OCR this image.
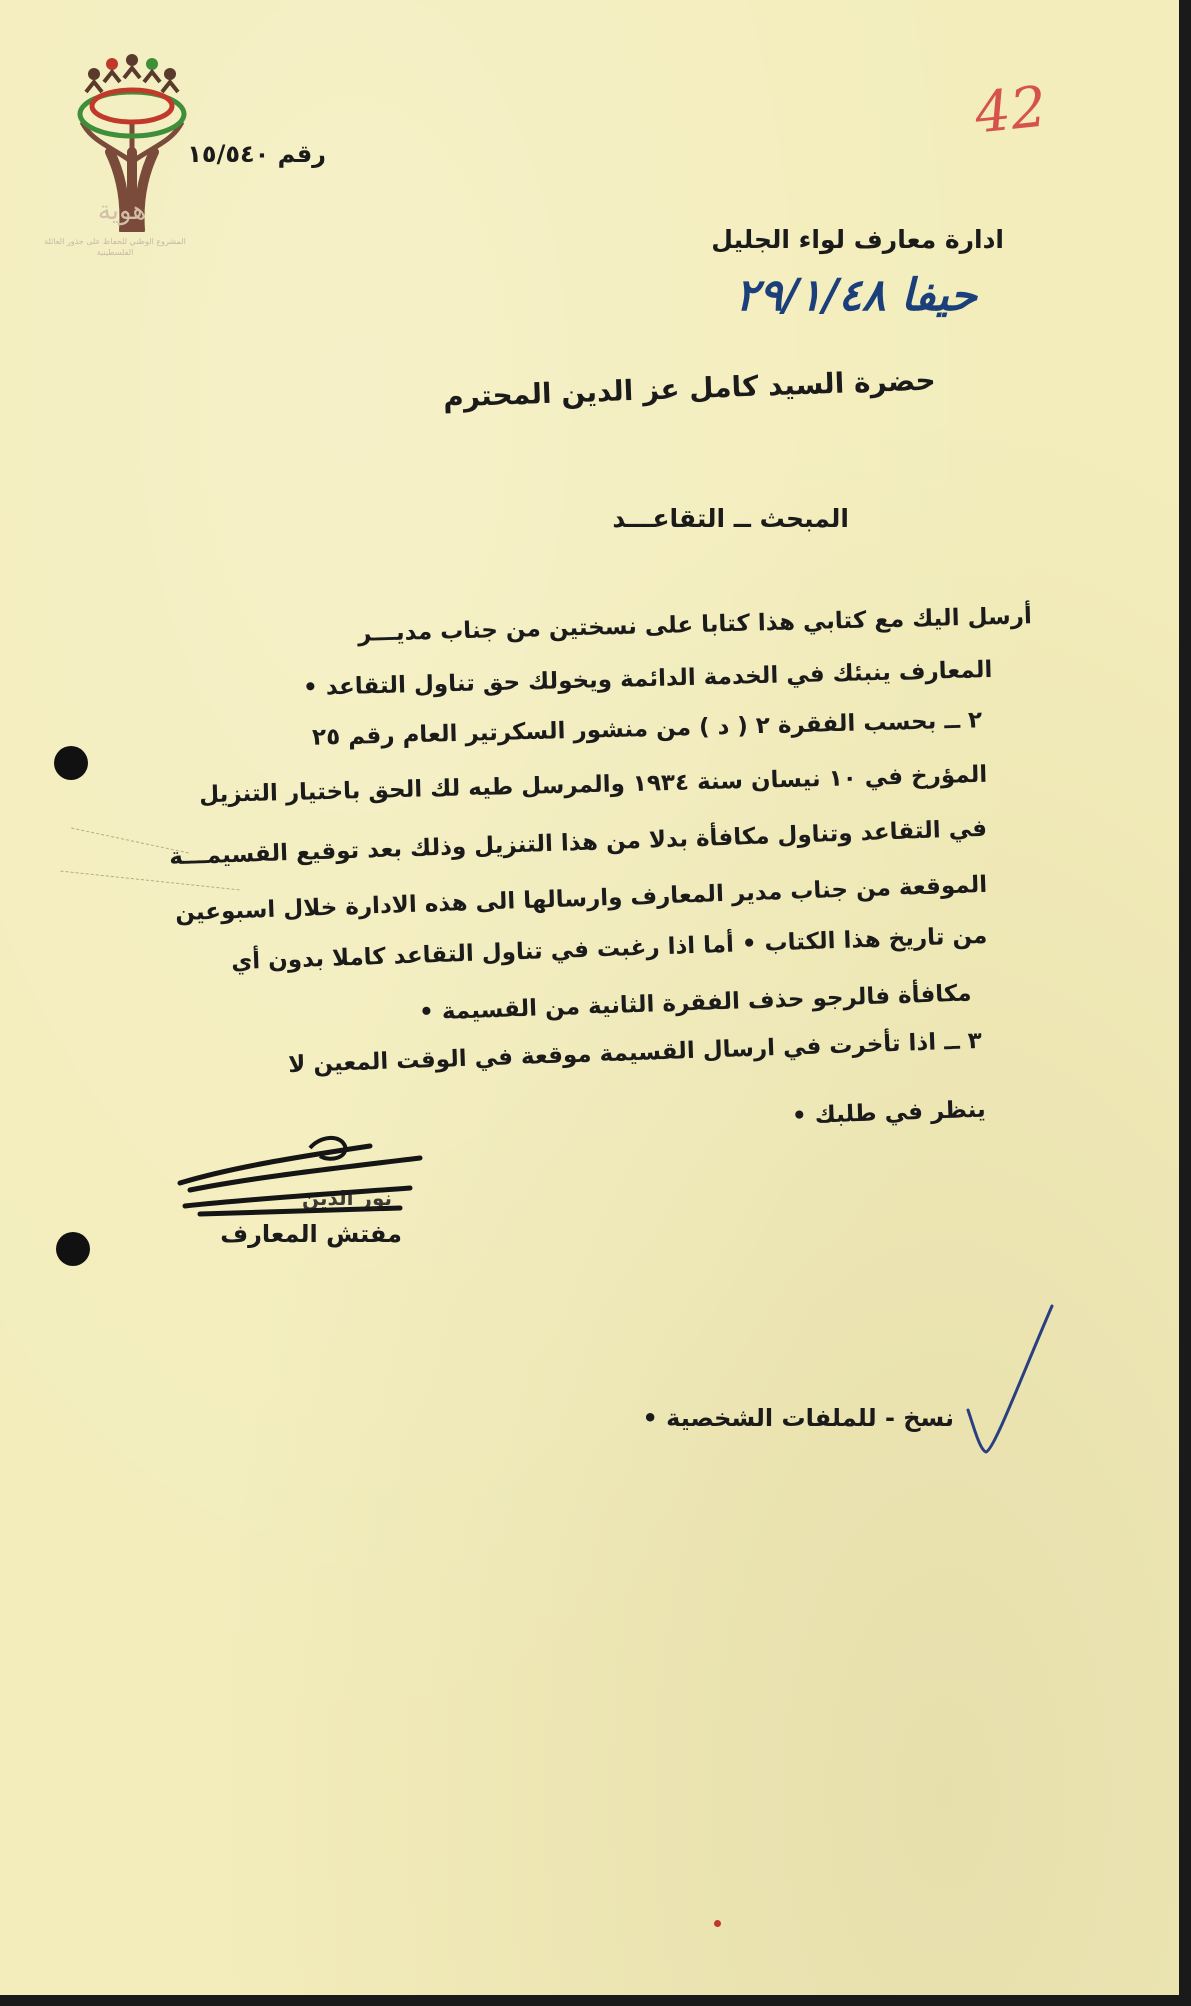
هوية
المشروع الوطني للحفاظ على جذور العائلة الفلسطينية
42
رقم ١٥/٥٤٠
ادارة معارف لواء الجليل
حيفا ٢٩/١/٤٨
حضرة السيد كامل عز الدين المحترم
المبحث ــ التقاعـــد
أرسل اليك مع كتابي هذا كتابا على نسختين من جناب مديـــر
المعارف ينبئك في الخدمة الدائمة ويخولك حق تناول التقاعد •
٢ ــ بحسب الفقرة ٢ ( د ) من منشور السكرتير العام رقم ٢٥
المؤرخ في ١٠ نيسان سنة ١٩٣٤ والمرسل طيه لك الحق باختيار التنزيل
في التقاعد وتناول مكافأة بدلا من هذا التنزيل وذلك بعد توقيع القسيمـــة
الموقعة من جناب مدير المعارف وارسالها الى هذه الادارة خلال اسبوعين
من تاريخ هذا الكتاب • أما اذا رغبت في تناول التقاعد كاملا بدون أي
مكافأة فالرجو حذف الفقرة الثانية من القسيمة •
٣ ــ اذا تأخرت في ارسال القسيمة موقعة في الوقت المعين لا
ينظر في طلبك •
نور الدين
مفتش المعارف
نسخ - للملفات الشخصية •
